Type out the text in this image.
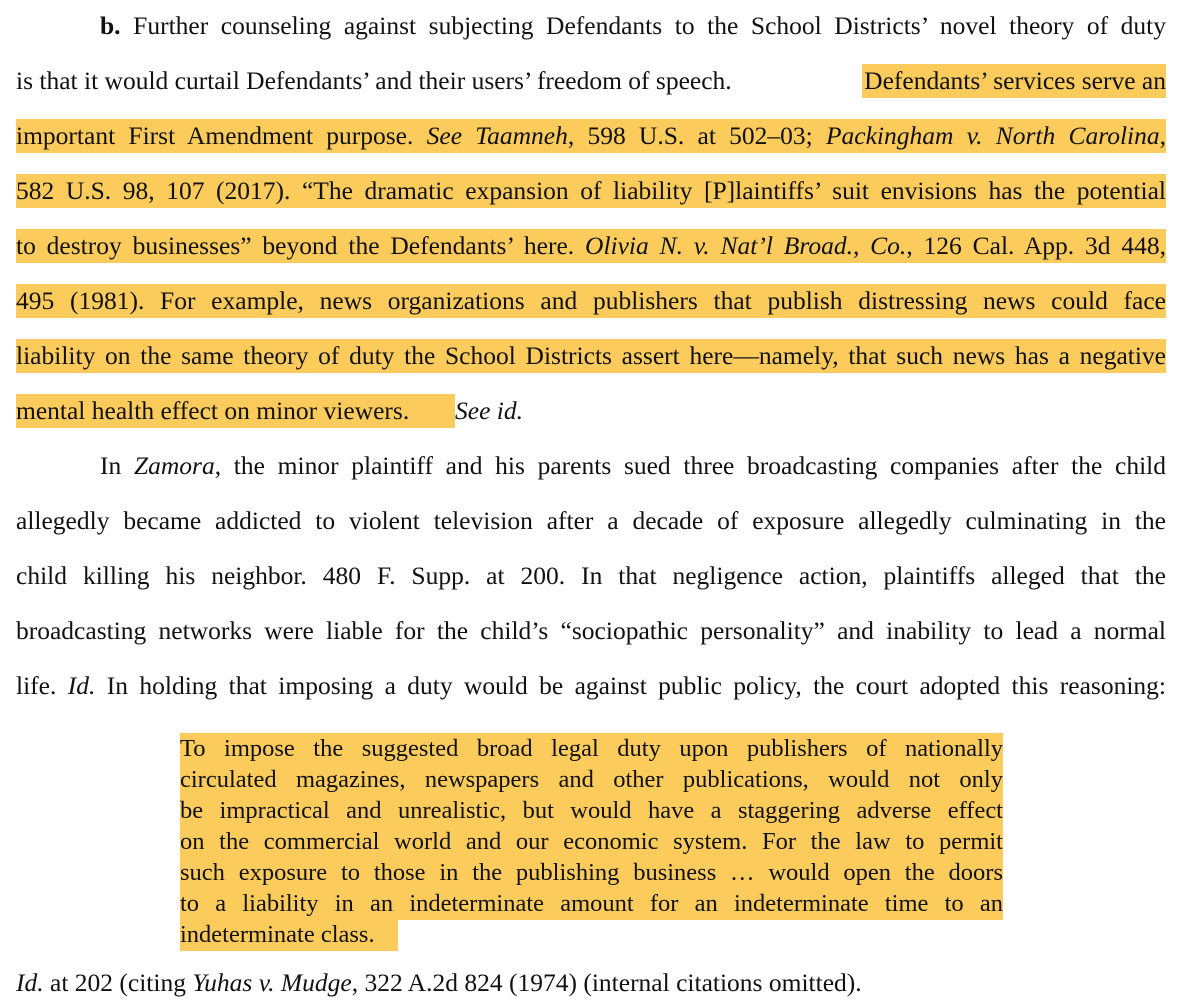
b. Further counseling against subjecting Defendants to the School Districts’ novel theory of duty
is that it would curtail Defendants’ and their users’ freedom of speech.	Defendants’ services serve an
important First Amendment purpose. See Taamneh, 598 U.S. at 502–03; Packingham v. North Carolina,
582 U.S. 98, 107 (2017). “The dramatic expansion of liability [P]laintiffs’ suit envisions has the potential
to destroy businesses” beyond the Defendants’ here. Olivia N. v. Nat’l Broad., Co., 126 Cal. App. 3d 448,
495 (1981). For example, news organizations and publishers that publish distressing news could face
liability on the same theory of duty the School Districts assert here—namely, that such news has a negative
mental health effect on minor viewers.See id.
In Zamora, the minor plaintiff and his parents sued three broadcasting companies after the child
allegedly became addicted to violent television after a decade of exposure allegedly culminating in the
child killing his neighbor. 480 F. Supp. at 200. In that negligence action, plaintiffs alleged that the
broadcasting networks were liable for the child’s “sociopathic personality” and inability to lead a normal
life. Id. In holding that imposing a duty would be against public policy, the court adopted this reasoning:
To impose the suggested broad legal duty upon publishers of nationally
circulated magazines, newspapers and other publications, would not only
be impractical and unrealistic, but would have a staggering adverse effect
on the commercial world and our economic system. For the law to permit
such exposure to those in the publishing business … would open the doors
to a liability in an indeterminate amount for an indeterminate time to an
indeterminate class.
Id. at 202 (citing Yuhas v. Mudge, 322 A.2d 824 (1974) (internal citations omitted).
